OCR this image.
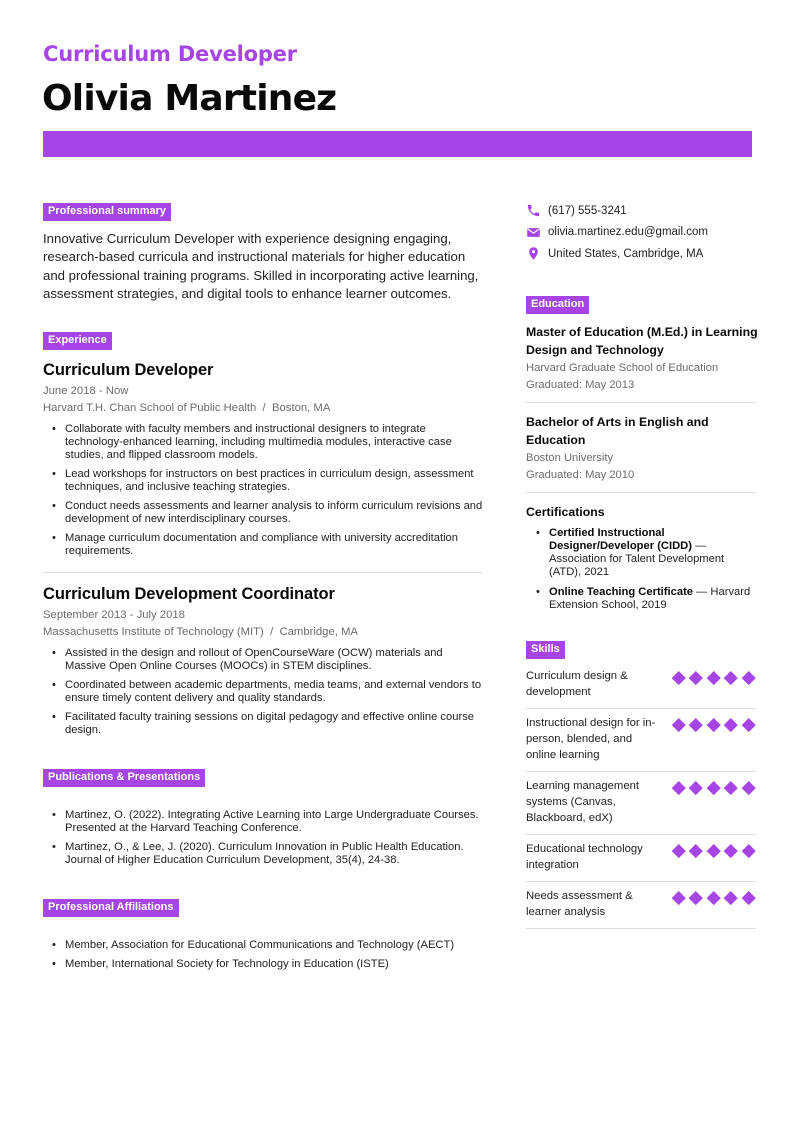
Curriculum Developer
Olivia Martinez
Professional summary

Innovative Curriculum Developer with experience designing engaging, research-based curricula and instructional materials for higher education and professional training programs. Skilled in incorporating active learning, assessment strategies, and digital tools to enhance learner outcomes.

Experience
Curriculum Developer
June 2018 - Now
Harvard T.H. Chan School of Public Health  /  Boston, MA
• Collaborate with faculty members and instructional designers to integrate technology-enhanced learning, including multimedia modules, interactive case studies, and flipped classroom models.
• Lead workshops for instructors on best practices in curriculum design, assessment techniques, and inclusive teaching strategies.
• Conduct needs assessments and learner analysis to inform curriculum revisions and development of new interdisciplinary courses.
• Manage curriculum documentation and compliance with university accreditation requirements.
Curriculum Development Coordinator
September 2013 - July 2018
Massachusetts Institute of Technology (MIT)  /  Cambridge, MA
• Assisted in the design and rollout of OpenCourseWare (OCW) materials and Massive Open Online Courses (MOOCs) in STEM disciplines.
• Coordinated between academic departments, media teams, and external vendors to ensure timely content delivery and quality standards.
• Facilitated faculty training sessions on digital pedagogy and effective online course design.
Publications & Presentations
• Martinez, O. (2022). Integrating Active Learning into Large Undergraduate Courses. Presented at the Harvard Teaching Conference.
• Martinez, O., & Lee, J. (2020). Curriculum Innovation in Public Health Education. Journal of Higher Education Curriculum Development, 35(4), 24-38.
Professional Affiliations
• Member, Association for Educational Communications and Technology (AECT)
• Member, International Society for Technology in Education (ISTE)
(617) 555-3241
olivia.martinez.edu@gmail.com
United States, Cambridge, MA
Education
Master of Education (M.Ed.) in Learning Design and Technology
Harvard Graduate School of Education
Graduated: May 2013
Bachelor of Arts in English and Education
Boston University
Graduated: May 2010
Certifications
• Certified Instructional Designer/Developer (CIDD) — Association for Talent Development (ATD), 2021
• Online Teaching Certificate — Harvard Extension School, 2019
Skills
Curriculum design & development
Instructional design for in-person, blended, and online learning
Learning management systems (Canvas, Blackboard, edX)
Educational technology integration
Needs assessment & learner analysis
